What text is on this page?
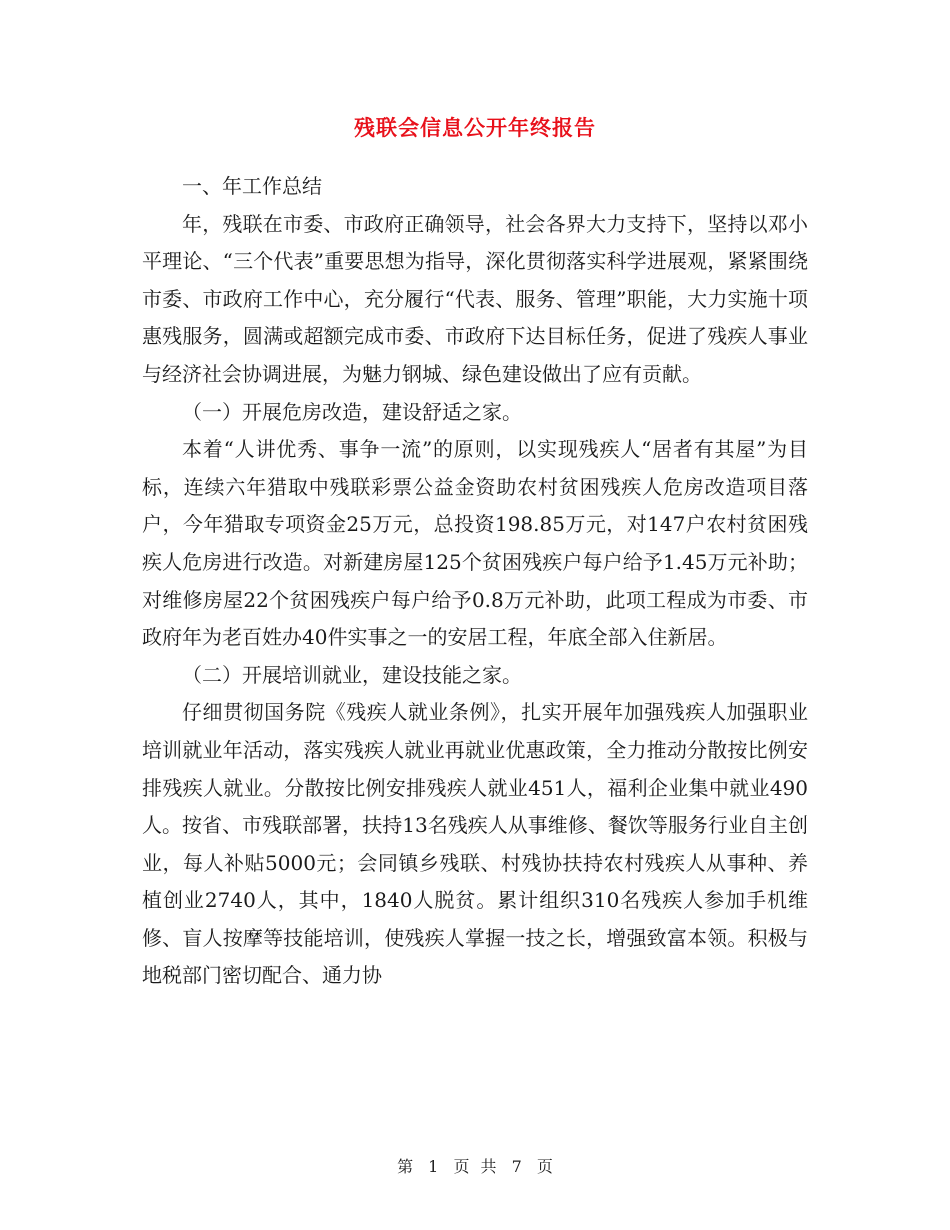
残联会信息公开年终报告

一、年工作总结

年，残联在市委、市政府正确领导，社会各界大力支持下，坚持以邓小平理论、“三个代表”重要思想为指导，深化贯彻落实科学进展观，紧紧围绕市委、市政府工作中心，充分履行“代表、服务、管理”职能，大力实施十项惠残服务，圆满或超额完成市委、市政府下达目标任务，促进了残疾人事业与经济社会协调进展，为魅力钢城、绿色建设做出了应有贡献。

（一）开展危房改造，建设舒适之家。

本着“人讲优秀、事争一流”的原则，以实现残疾人“居者有其屋”为目标，连续六年猎取中残联彩票公益金资助农村贫困残疾人危房改造项目落户，今年猎取专项资金25万元，总投资198.85万元，对147户农村贫困残疾人危房进行改造。对新建房屋125个贫困残疾户每户给予1.45万元补助；对维修房屋22个贫困残疾户每户给予0.8万元补助，此项工程成为市委、市政府年为老百姓办40件实事之一的安居工程，年底全部入住新居。

（二）开展培训就业，建设技能之家。

仔细贯彻国务院《残疾人就业条例》，扎实开展年加强残疾人加强职业培训就业年活动，落实残疾人就业再就业优惠政策，全力推动分散按比例安排残疾人就业。分散按比例安排残疾人就业451人，福利企业集中就业490人。按省、市残联部署，扶持13名残疾人从事维修、餐饮等服务行业自主创业，每人补贴5000元；会同镇乡残联、村残协扶持农村残疾人从事种、养植创业2740人，其中，1840人脱贫。累计组织310名残疾人参加手机维修、盲人按摩等技能培训，使残疾人掌握一技之长，增强致富本领。积极与地税部门密切配合、通力协

第 1 页 共 7 页
